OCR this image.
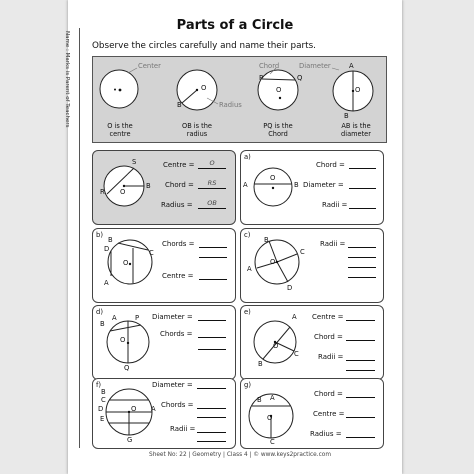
Name : Marks is Parent of Teachers
Parts of a Circle
Observe the circles carefully and name their parts.
Center
•	O
B	Radius
Chord
P	Q
O
Diameter	A
B
O
O is the
centre
OB is the
radius
PQ is the
Chord
AB is the
diameter
S
R
B
O
Centre =	O
Chord =	RS
Radius =	OB
a)
A	B
O
Chord =
Diameter =
Radii =
b)
B
C
D
A
O
Chords =
Centre =
c)
B
C
A
D
O
Radii =
d)
A
B
P
O
Q
Diameter =
Chords =
e)
A
B
C
O
Centre =
Chord =
Radii =
f)
B
C
D
E
A
O
G
Diameter =
Chords =
Radii =
g)
B A
O
C
Chord =
Centre =
Radius =
Sheet No: 22 | Geometry | Class 4 | © www.keys2practice.com
